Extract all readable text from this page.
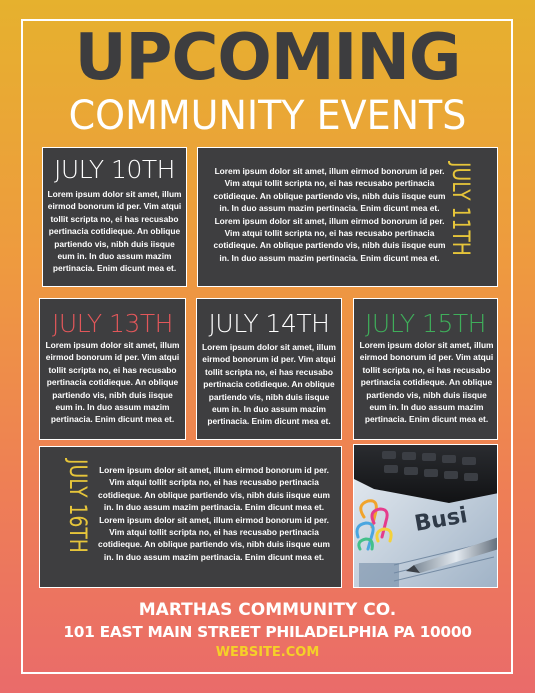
UPCOMING
COMMUNITY EVENTS
JULY 10TH
Lorem ipsum dolor sit amet, illum eirmod bonorum id per. Vim atqui tollit scripta no, ei has recusabo pertinacia cotidieque. An oblique partiendo vis, nibh duis iisque eum in. In duo assum mazim pertinacia. Enim dicunt mea et.
Lorem ipsum dolor sit amet, illum eirmod bonorum id per. Vim atqui tollit scripta no, ei has recusabo pertinacia cotidieque. An oblique partiendo vis, nibh duis iisque eum in. In duo assum mazim pertinacia. Enim dicunt mea et. Lorem ipsum dolor sit amet, illum eirmod bonorum id per. Vim atqui tollit scripta no, ei has recusabo pertinacia cotidieque. An oblique partiendo vis, nibh duis iisque eum in. In duo assum mazim pertinacia. Enim dicunt mea et.
JULY 11TH
JULY 13TH
Lorem ipsum dolor sit amet, illum eirmod bonorum id per. Vim atqui tollit scripta no, ei has recusabo pertinacia cotidieque. An oblique partiendo vis, nibh duis iisque eum in. In duo assum mazim pertinacia. Enim dicunt mea et.
JULY 14TH
Lorem ipsum dolor sit amet, illum eirmod bonorum id per. Vim atqui tollit scripta no, ei has recusabo pertinacia cotidieque. An oblique partiendo vis, nibh duis iisque eum in. In duo assum mazim pertinacia. Enim dicunt mea et.
JULY 15TH
Lorem ipsum dolor sit amet, illum eirmod bonorum id per. Vim atqui tollit scripta no, ei has recusabo pertinacia cotidieque. An oblique partiendo vis, nibh duis iisque eum in. In duo assum mazim pertinacia. Enim dicunt mea et.
JULY 16TH Lorem ipsum dolor sit amet, illum eirmod bonorum id per. Vim atqui tollit scripta no, ei has recusabo pertinacia cotidieque. An oblique partiendo vis, nibh duis iisque eum in. In duo assum mazim pertinacia. Enim dicunt mea et. Lorem ipsum dolor sit amet, illum eirmod bonorum id per. Vim atqui tollit scripta no, ei has recusabo pertinacia cotidieque. An oblique partiendo vis, nibh duis iisque eum in. In duo assum mazim pertinacia. Enim dicunt mea et.
Busi
MARTHAS COMMUNITY CO.
101 EAST MAIN STREET PHILADELPHIA PA 10000
WEBSITE.COM
